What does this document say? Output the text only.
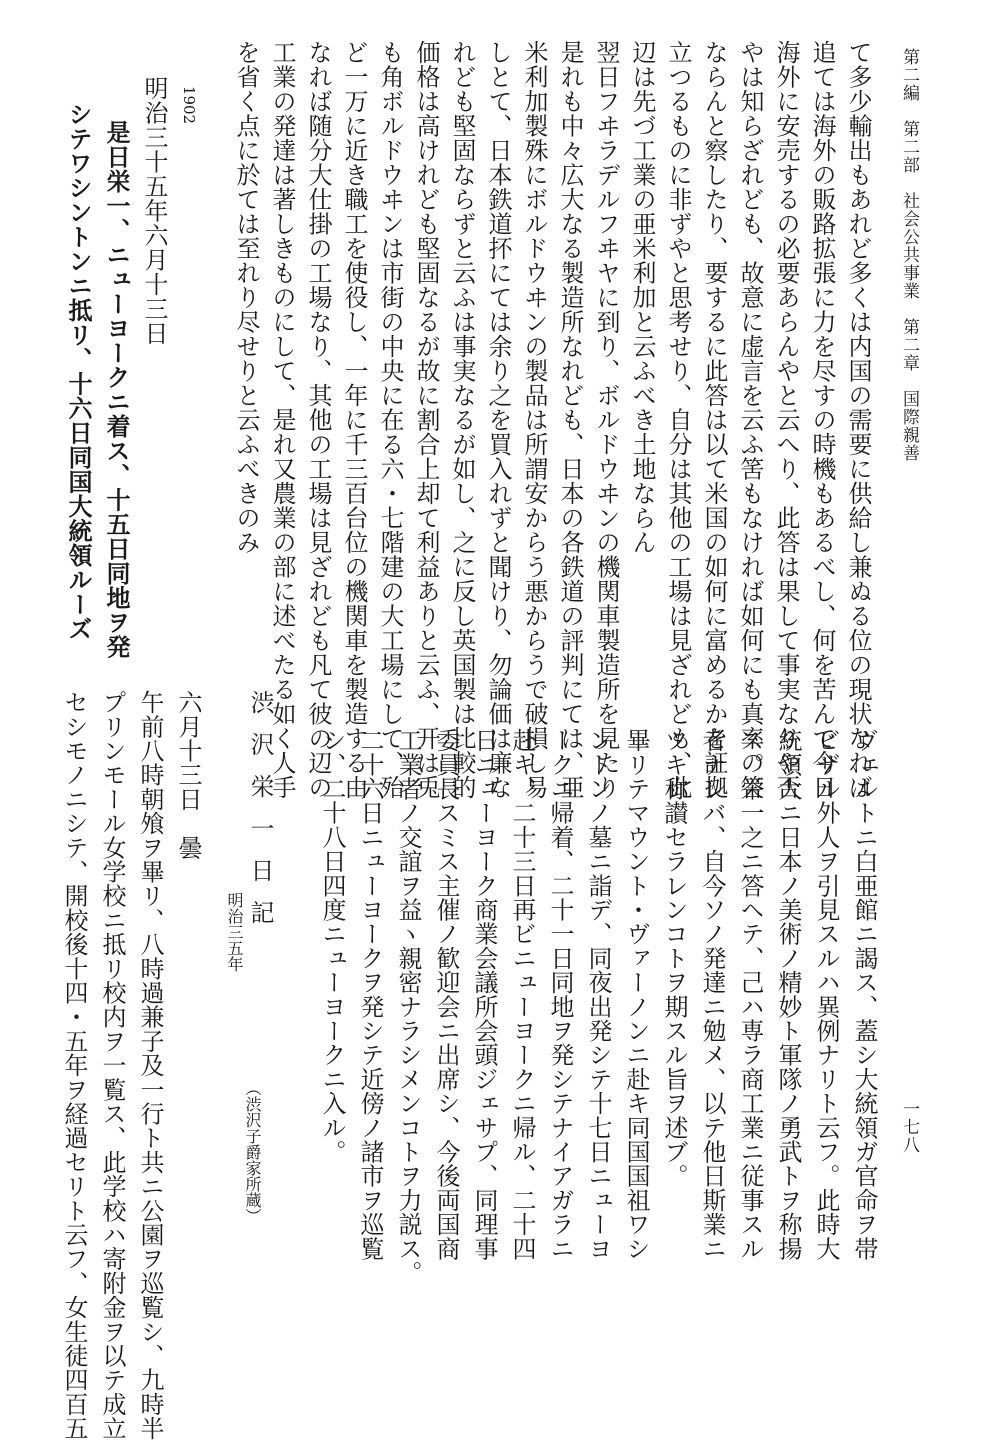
第二編　第二部　社会公共事業　第二章　国際親善
一七八
て多少輸出もあれど多くは内国の需要に供給し兼ぬる位の現状なれば
追ては海外の販路拡張に力を尽すの時機もあるべし、何を苦んで今日
海外に安売するの必要あらんやと云へり、此答は果して事実なりや否
やは知らざれども、故意に虚言を云ふ筈もなければ如何にも真率の答
ならんと察したり、要するに此答は以て米国の如何に富めるかを証拠
立つるものに非ずやと思考せり、自分は其他の工場は見ざれども、此
辺は先づ工業の亜米利加と云ふべき土地ならん
翌日フヰラデルフヰヤに到り、ボルドウヰンの機関車製造所を見たり
是れも中々広大なる製造所なれども、日本の各鉄道の評判にては、亜
米利加製殊にボルドウヰンの製品は所謂安からう悪からうで破損し易
しとて、日本鉄道抔にては余り之を買入れずと聞けり、勿論価は廉な
れども堅固ならずと云ふは事実なるが如し、之に反し英国製は比較的
価格は高けれども堅固なるが故に割合上却て利益ありと云ふ、开は兎
も角ボルドウヰンは市街の中央に在る六・七階建の大工場にして、殆
ど一万に近き職工を使役し、一年に千三百台位の機関車を製造する由
なれば随分大仕掛の工場なり、其他の工場は見ざれども凡て彼の辺の
工業の発達は著しきものにして、是れ又農業の部に述べたる如く人手
を省く点に於ては至れり尽せりと云ふべきのみ
1902
明治三十五年六月十三日
是日栄一、ニューヨークニ着ス、十五日同地ヲ発
シテワシントンニ抵リ、十六日同国大統領ルーズ
ヴェルトニ白亜館ニ謁ス、蓋シ大統領ガ官命ヲ帯
ビザル外人ヲ引見スルハ異例ナリト云フ。此時大
統領大ニ日本ノ美術ノ精妙ト軍隊ノ勇武トヲ称揚
ス。栄一之ニ答ヘテ、己ハ専ラ商工業ニ従事スル
者ナレバ、自今ソノ発達ニ勉メ、以テ他日斯業ニ
ツキ称讃セラレンコトヲ期スル旨ヲ述ブ。
畢リテマウント・ヴァーノンニ赴キ同国国祖ワシ
ントンノ墓ニ詣デ、同夜出発シテ十七日ニューヨ
ークニ帰着、二十一日同地ヲ発シテナイアガラニ
赴キ、二十三日再ビニューヨークニ帰ル、二十四
日ニューヨーク商業会議所会頭ジェサプ、同理事
委員長スミス主催ノ歓迎会ニ出席シ、今後両国商
工業者ノ交誼ヲ益ヽ親密ナラシメンコトヲ力説ス。
二十六日ニューヨークヲ発シテ近傍ノ諸市ヲ巡覧
シ、二十八日四度ニューヨークニ入ル。
（渋沢子爵家所蔵）
渋沢栄一日記
明治三五年
六月十三日　曇
午前八時朝飧ヲ畢リ、八時過兼子及一行ト共ニ公園ヲ巡覧シ、九時半
プリンモール女学校ニ抵リ校内ヲ一覧ス、此学校ハ寄附金ヲ以テ成立
セシモノニシテ、開校後十四・五年ヲ経過セリト云フ、女生徒四百五
